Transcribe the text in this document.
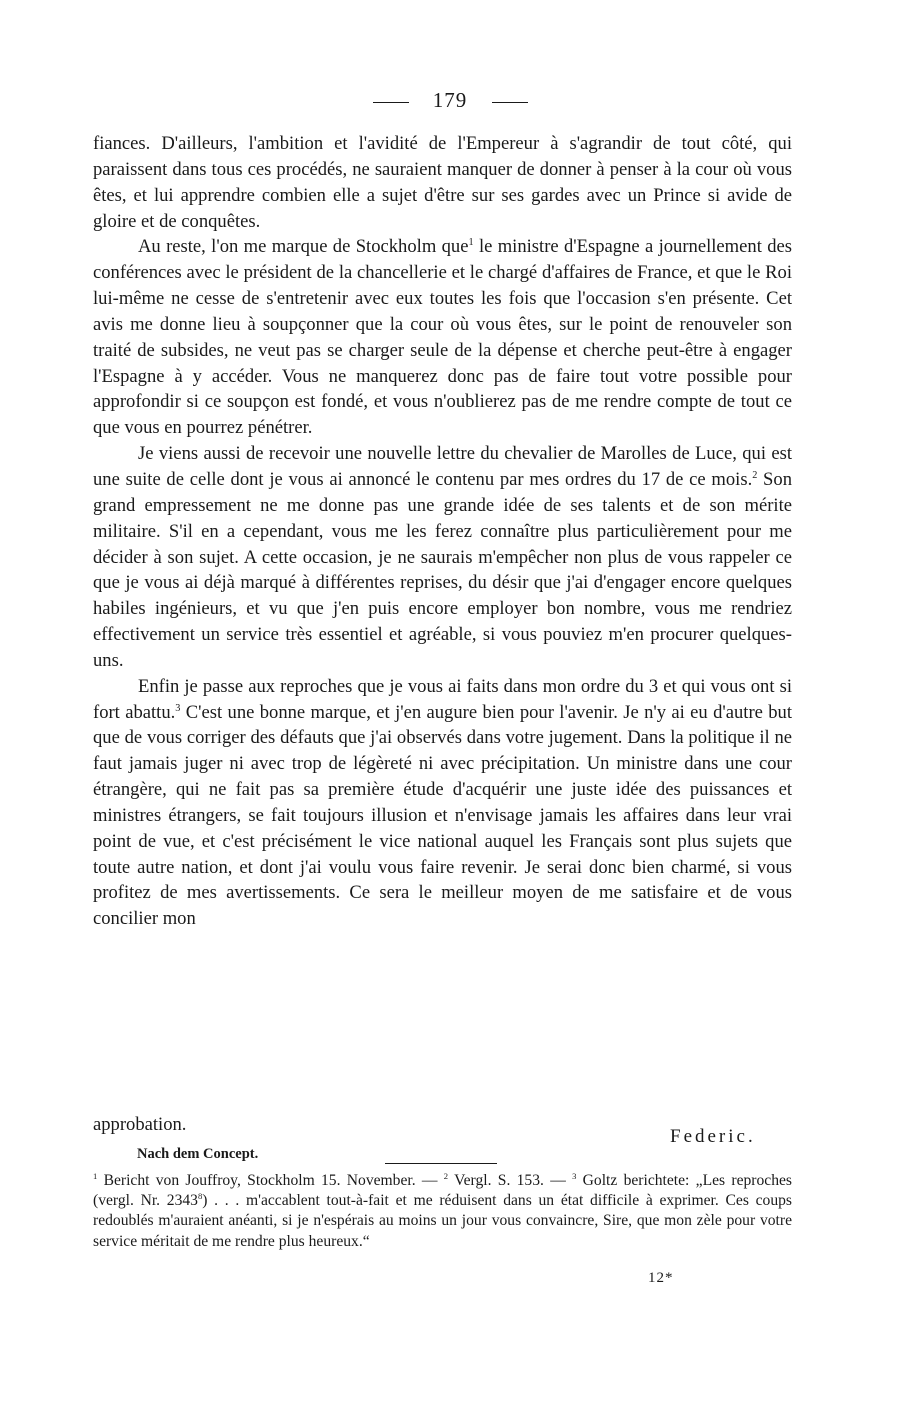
179

fiances. D'ailleurs, l'ambition et l'avidité de l'Empereur à s'agrandir de tout côté, qui paraissent dans tous ces procédés, ne sauraient manquer de donner à penser à la cour où vous êtes, et lui apprendre combien elle a sujet d'être sur ses gardes avec un Prince si avide de gloire et de conquêtes.

Au reste, l'on me marque de Stockholm que$^1$ le ministre d'Espagne a journellement des conférences avec le président de la chancellerie et le chargé d'affaires de France, et que le Roi lui-même ne cesse de s'entretenir avec eux toutes les fois que l'occasion s'en présente. Cet avis me donne lieu à soupçonner que la cour où vous êtes, sur le point de renouveler son traité de subsides, ne veut pas se charger seule de la dépense et cherche peut-être à engager l'Espagne à y accéder. Vous ne manquerez donc pas de faire tout votre possible pour approfondir si ce soupçon est fondé, et vous n'oublierez pas de me rendre compte de tout ce que vous en pourrez pénétrer.

Je viens aussi de recevoir une nouvelle lettre du chevalier de Marolles de Luce, qui est une suite de celle dont je vous ai annoncé le contenu par mes ordres du 17 de ce mois.$^2$ Son grand empressement ne me donne pas une grande idée de ses talents et de son mérite militaire. S'il en a cependant, vous me les ferez connaître plus particulièrement pour me décider à son sujet. A cette occasion, je ne saurais m'empêcher non plus de vous rappeler ce que je vous ai déjà marqué à différentes reprises, du désir que j'ai d'engager encore quelques habiles ingénieurs, et vu que j'en puis encore employer bon nombre, vous me rendriez effectivement un service très essentiel et agréable, si vous pouviez m'en procurer quelques-uns.

Enfin je passe aux reproches que je vous ai faits dans mon ordre du 3 et qui vous ont si fort abattu.$^3$ C'est une bonne marque, et j'en augure bien pour l'avenir. Je n'y ai eu d'autre but que de vous corriger des défauts que j'ai observés dans votre jugement. Dans la politique il ne faut jamais juger ni avec trop de légèreté ni avec précipitation. Un ministre dans une cour étrangère, qui ne fait pas sa première étude d'acquérir une juste idée des puissances et ministres étrangers, se fait toujours illusion et n'envisage jamais les affaires dans leur vrai point de vue, et c'est précisément le vice national auquel les Français sont plus sujets que toute autre nation, et dont j'ai voulu vous faire revenir. Je serai donc bien charmé, si vous profitez de mes avertissements. Ce sera le meilleur moyen de me satisfaire et de vous concilier mon

approbation.
Federic.
Nach dem Concept.

$^1$ Bericht von Jouffroy, Stockholm 15. November. — $^2$ Vergl. S. 153. — $^3$ Goltz berichtete: „Les reproches (vergl. Nr. 2343$^8$) . . . m'accablent tout-à-fait et me réduisent dans un état difficile à exprimer. Ces coups redoublés m'auraient anéanti, si je n'espérais au moins un jour vous convaincre, Sire, que mon zèle pour votre service méritait de me rendre plus heureux.“

12*
